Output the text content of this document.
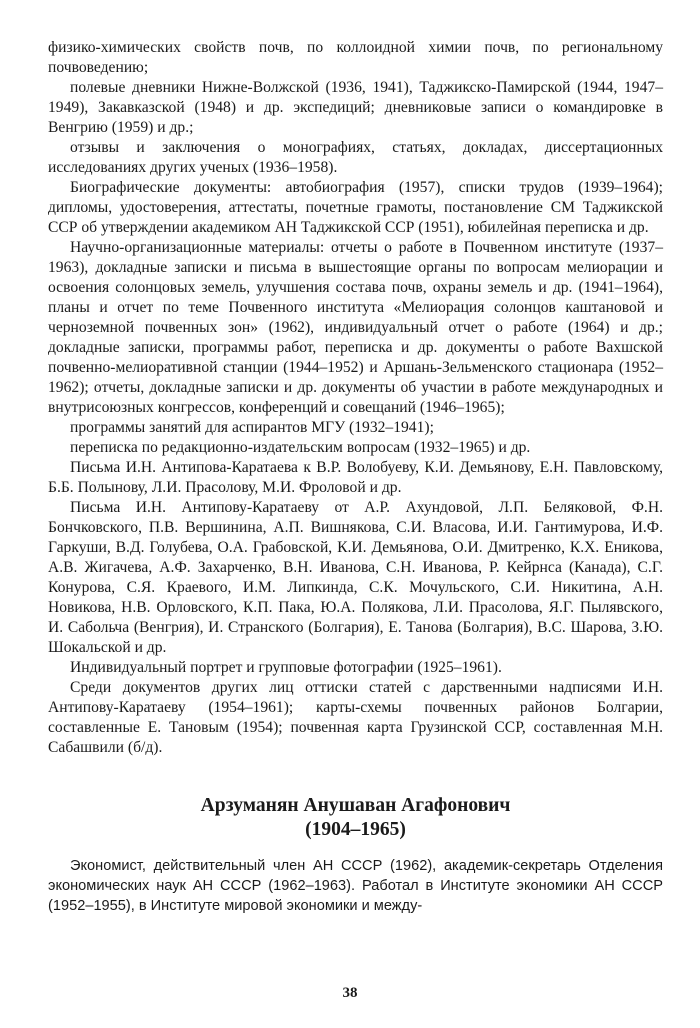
физико-химических свойств почв, по коллоидной химии почв, по региональному почвоведению;

полевые дневники Нижне-Волжской (1936, 1941), Таджикско-Памирской (1944, 1947–1949), Закавказской (1948) и др. экспедиций; дневниковые записи о командировке в Венгрию (1959) и др.;

отзывы и заключения о монографиях, статьях, докладах, диссертационных исследованиях других ученых (1936–1958).

Биографические документы: автобиография (1957), списки трудов (1939–1964); дипломы, удостоверения, аттестаты, почетные грамоты, постановление СМ Таджикской ССР об утверждении академиком АН Таджикской ССР (1951), юбилейная переписка и др.

Научно-организационные материалы: отчеты о работе в Почвенном институте (1937–1963), докладные записки и письма в вышестоящие органы по вопросам мелиорации и освоения солонцовых земель, улучшения состава почв, охраны земель и др. (1941–1964), планы и отчет по теме Почвенного института «Мелиорация солонцов каштановой и черноземной почвенных зон» (1962), индивидуальный отчет о работе (1964) и др.; докладные записки, программы работ, переписка и др. документы о работе Вахшской почвенно-мелиоративной станции (1944–1952) и Аршань-Зельменского стационара (1952–1962); отчеты, докладные записки и др. документы об участии в работе международных и внутрисоюзных конгрессов, конференций и совещаний (1946–1965);

программы занятий для аспирантов МГУ (1932–1941);

переписка по редакционно-издательским вопросам (1932–1965) и др.

Письма И.Н. Антипова-Каратаева к В.Р. Волобуеву, К.И. Демьянову, Е.Н. Павловскому, Б.Б. Полынову, Л.И. Прасолову, М.И. Фроловой и др.

Письма И.Н. Антипову-Каратаеву от А.Р. Ахундовой, Л.П. Беляковой, Ф.Н. Бончковского, П.В. Вершинина, А.П. Вишнякова, С.И. Власова, И.И. Гантимурова, И.Ф. Гаркуши, В.Д. Голубева, О.А. Грабовской, К.И. Демьянова, О.И. Дмитренко, К.Х. Еникова, А.В. Жигачева, А.Ф. Захарченко, В.Н. Иванова, С.Н. Иванова, Р. Кейрнса (Канада), С.Г. Конурова, С.Я. Краевого, И.М. Липкинда, С.К. Мочульского, С.И. Никитина, А.Н. Новикова, Н.В. Орловского, К.П. Пака, Ю.А. Полякова, Л.И. Прасолова, Я.Г. Пылявского, И. Сабольча (Венгрия), И. Странского (Болгария), Е. Танова (Болгария), В.С. Шарова, З.Ю. Шокальской и др.

Индивидуальный портрет и групповые фотографии (1925–1961).

Среди документов других лиц оттиски статей с дарственными надписями И.Н. Антипову-Каратаеву (1954–1961); карты-схемы почвенных районов Болгарии, составленные Е. Тановым (1954); почвенная карта Грузинской ССР, составленная М.Н. Сабашвили (б/д).

Арзуманян Анушаван Агафонович
(1904–1965)

Экономист, действительный член АН СССР (1962), академик-секретарь Отделения экономических наук АН СССР (1962–1963). Работал в Институте экономики АН СССР (1952–1955), в Институте мировой экономики и между-

38
